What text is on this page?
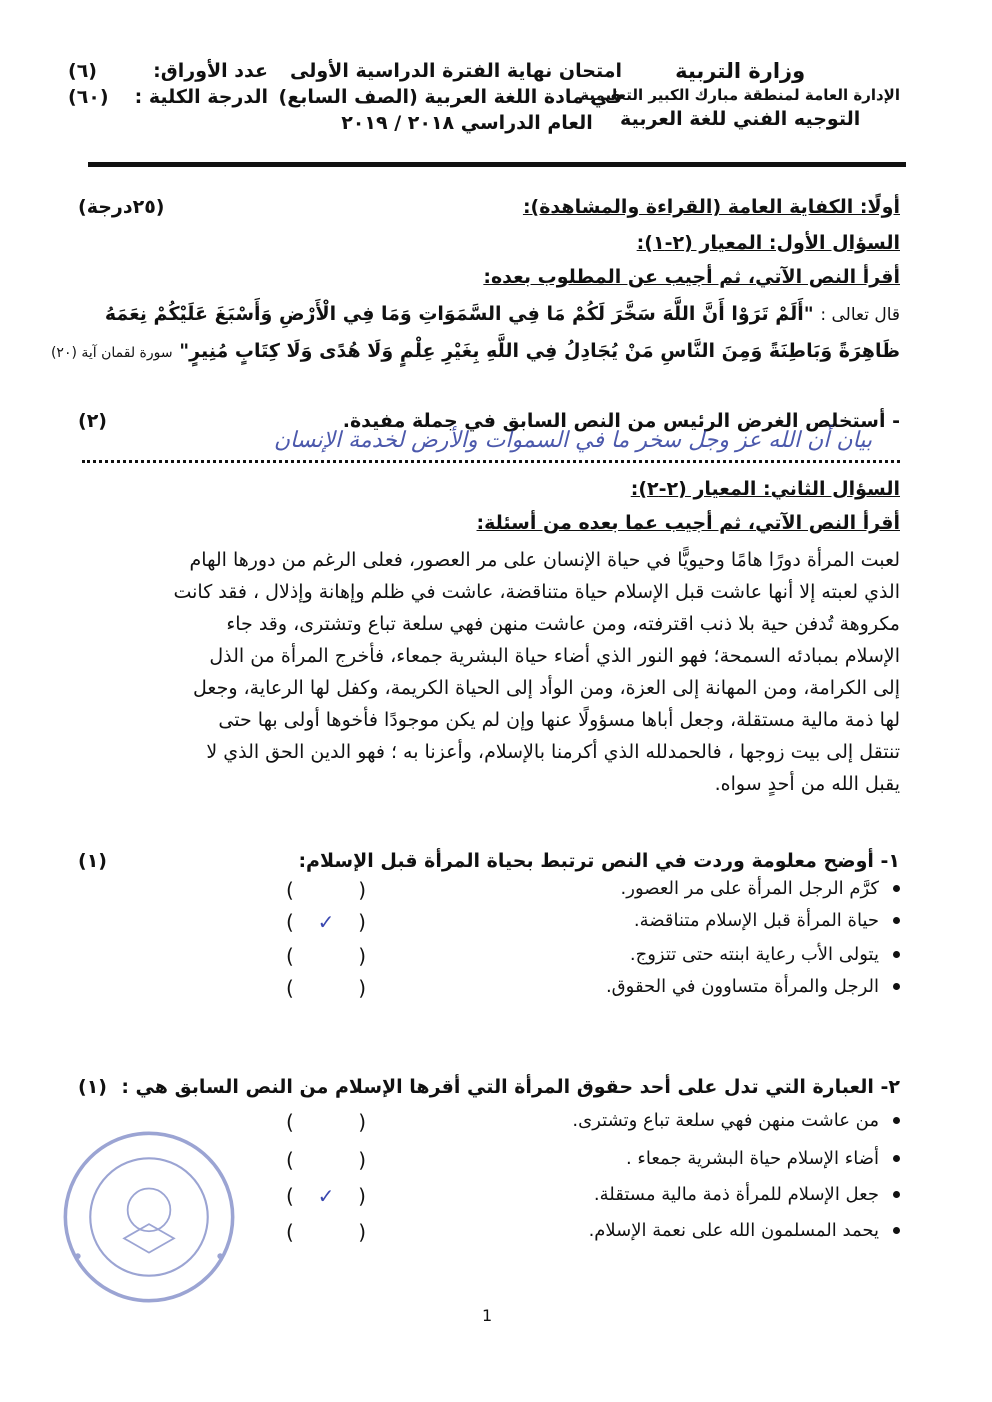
وزارة التربية
الإدارة العامة لمنطقة مبارك الكبير التعليمية
التوجيه الفني للغة العربية
امتحان نهاية الفترة الدراسية الأولى
في مادة اللغة العربية (الصف السابع)
العام الدراسي ٢٠١٨ / ٢٠١٩
عدد الأوراق:
(٦)
الدرجة الكلية :
(٦٠)
أولًا: الكفاية العامة (القراءة والمشاهدة):
(٢٥درجة)
السؤال الأول: المعيار (٢-١):
أقرأ النص الآتي، ثم أجيب عن المطلوب بعده:
قال تعالى : "أَلَمْ تَرَوْا أَنَّ اللَّهَ سَخَّرَ لَكُمْ مَا فِي السَّمَوَاتِ وَمَا فِي الْأَرْضِ وَأَسْبَغَ عَلَيْكُمْ نِعَمَهُ
ظَاهِرَةً وَبَاطِنَةً وَمِنَ النَّاسِ مَنْ يُجَادِلُ فِي اللَّهِ بِغَيْرِ عِلْمٍ وَلَا هُدًى وَلَا كِتَابٍ مُنِيرٍ" سورة لقمان آية (٢٠)
- أستخلص الغرض الرئيس من النص السابق في جملة مفيدة.
(٢)
بيان أن الله عز وجل سخر ما في السموات والأرض لخدمة الإنسان
السؤال الثاني: المعيار (٢-٢):
أقرأ النص الآتي، ثم أجيب عما بعده من أسئلة:
لعبت المرأة دورًا هامًا وحيويًّا في حياة الإنسان على مر العصور، فعلى الرغم من دورها الهام
الذي لعبته إلا أنها عاشت قبل الإسلام حياة متناقضة، عاشت في ظلم وإهانة وإذلال ، فقد كانت
مكروهة تُدفن حية بلا ذنب اقترفته، ومن عاشت منهن فهي سلعة تباع وتشترى، وقد جاء
الإسلام بمبادئه السمحة؛ فهو النور الذي أضاء حياة البشرية جمعاء، فأخرج المرأة من الذل
إلى الكرامة، ومن المهانة إلى العزة، ومن الوأد إلى الحياة الكريمة، وكفل لها الرعاية، وجعل
لها ذمة مالية مستقلة، وجعل أباها مسؤولًا عنها وإن لم يكن موجودًا فأخوها أولى بها حتى
تنتقل إلى بيت زوجها ، فالحمدلله الذي أكرمنا بالإسلام، وأعزنا به ؛ فهو الدين الحق الذي لا
يقبل الله من أحدٍ سواه.
١- أوضح معلومة وردت في النص ترتبط بحياة المرأة قبل الإسلام:
(١)
كرَّم الرجل المرأة على مر العصور.
(	)
حياة المرأة قبل الإسلام متناقضة.
( ✓ )
يتولى الأب رعاية ابنته حتى تتزوج.
(	)
الرجل والمرأة متساوون في الحقوق.
(	)
٢- العبارة التي تدل على أحد حقوق المرأة التي أقرها الإسلام من النص السابق هي :
(١)
من عاشت منهن فهي سلعة تباع وتشترى.
(	)
أضاء الإسلام حياة البشرية جمعاء .
(	)
جعل الإسلام للمرأة ذمة مالية مستقلة.
( ✓ )
يحمد المسلمون الله على نعمة الإسلام.
(	)
1
